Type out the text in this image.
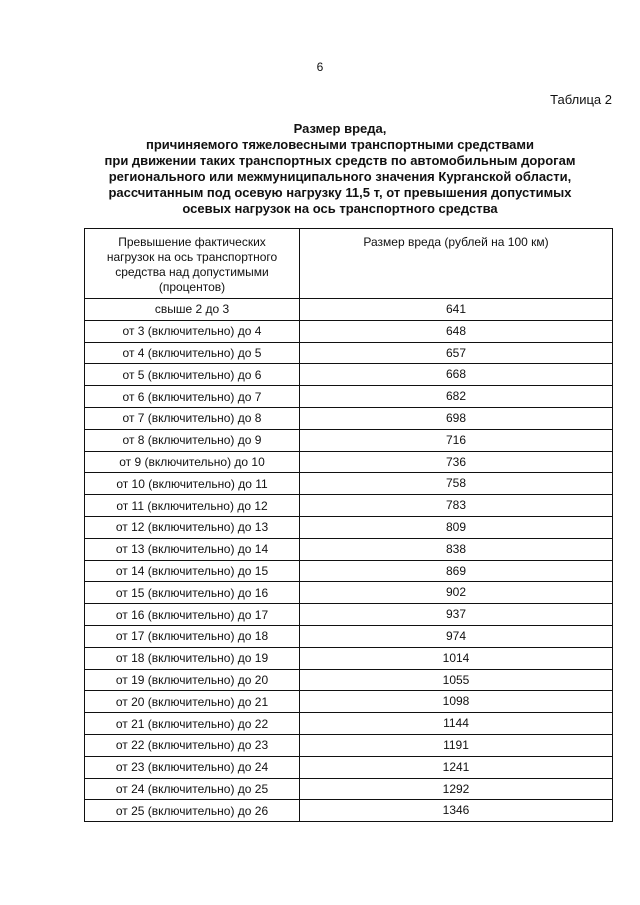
6
Таблица 2
Размер вреда,
причиняемого тяжеловесными транспортными средствами
при движении таких транспортных средств по автомобильным дорогам
регионального или межмуниципального значения Курганской области,
рассчитанным под осевую нагрузку 11,5 т, от превышения допустимых
осевых нагрузок на ось транспортного средства
Превышение фактических
нагрузок на ось транспортного
средства над допустимыми
(процентов)	Размер вреда (рублей на 100 км)
свыше 2 до 3	641
от 3 (включительно) до 4	648
от 4 (включительно) до 5	657
от 5 (включительно) до 6	668
от 6 (включительно) до 7	682
от 7 (включительно) до 8	698
от 8 (включительно) до 9	716
от 9 (включительно) до 10	736
от 10 (включительно) до 11	758
от 11 (включительно) до 12	783
от 12 (включительно) до 13	809
от 13 (включительно) до 14	838
от 14 (включительно) до 15	869
от 15 (включительно) до 16	902
от 16 (включительно) до 17	937
от 17 (включительно) до 18	974
от 18 (включительно) до 19	1014
от 19 (включительно) до 20	1055
от 20 (включительно) до 21	1098
от 21 (включительно) до 22	1144
от 22 (включительно) до 23	1191
от 23 (включительно) до 24	1241
от 24 (включительно) до 25	1292
от 25 (включительно) до 26	1346
